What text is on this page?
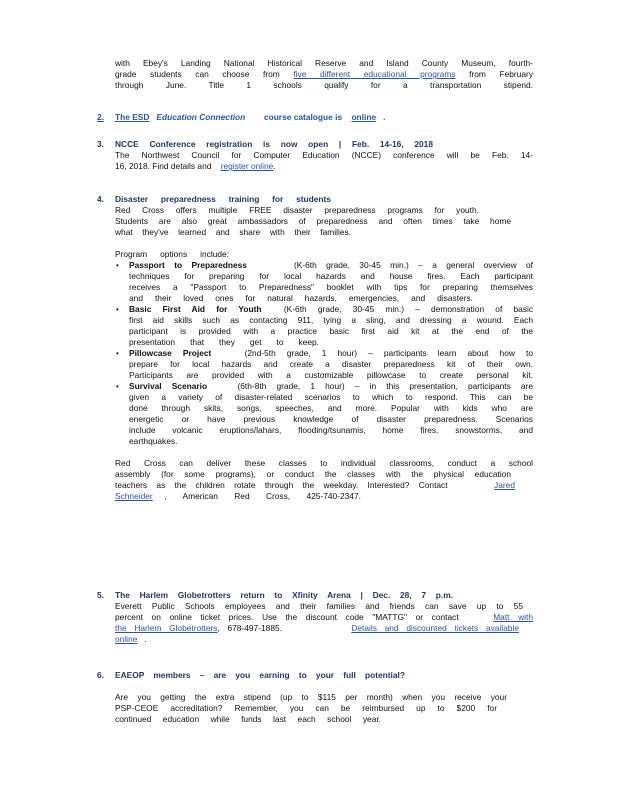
with Ebey's Landing National Historical Reserve and Island County Museum, fourth-
grade students can choose from five different educational programs from February
through June. Title 1 schools qualify for a transportation stipend.
2. The ESD Education Connection course catalogue is online .
3. NCCE Conference registration is now open | Feb. 14-16, 2018
The Northwest Council for Computer Education (NCCE) conference will be Feb. 14-
16, 2018. Find details and register online.
4. Disaster preparedness training for students
Red Cross offers multiple FREE disaster preparedness programs for youth.
Students are also great ambassadors of preparedness and often times take home
what they've learned and share with their families.
Program options include:
• Passport to Preparedness	(K-6th grade, 30-45 min.) – a general overview of
techniques for preparing for local hazards and house fires. Each participant
receives a "Passport to Preparedness" booklet with tips for preparing themselves
and their loved ones for natural hazards, emergencies, and disasters.
• Basic First Aid for Youth	(K-6th grade, 30-45 min.) – demonstration of basic
first aid skills such as contacting 911, tying a sling, and dressing a wound. Each
participant is provided with a practice basic first aid kit at the end of the
presentation that they get to keep.
• Pillowcase Project	(2nd-5th grade, 1 hour) – participants learn about how to
prepare for local hazards and create a disaster preparedness kit of their own.
Participants are provided with a customizable pillowcase to create personal kit.
• Survival Scenario	(6th-8th grade, 1 hour) – in this presentation, participants are
given a variety of disaster-related scenarios to which to respond. This can be
done through skits, songs, speeches, and more. Popular with kids who are
energetic or have previous knowledge of disaster preparedness. Scenarios
include volcanic eruptions/lahars, flooding/tsunamis, home fires, snowstorms, and
earthquakes.
Red Cross can deliver these classes to individual classrooms, conduct a school
assembly (for some programs), or conduct the classes with the physical education
teachers as the children rotate through the weekday. Interested? Contact	Jared
Schneider , American Red Cross, 425-740-2347.
5. The Harlem Globetrotters return to Xfinity Arena | Dec. 28, 7 p.m.
Everett Public Schools employees and their families and friends can save up to 55
percent on online ticket prices. Use the discount code "MATTG" or contact	Matt with
the Harlem Globetrotters, 678-497-1885.	Details and discounted tickets available
online .
6. EAEOP members – are you earning to your full potential?
Are you getting the extra stipend (up to $115 per month) when you receive your
PSP-CEOE accreditation? Remember, you can be reimbursed up to $200 for
continued education while funds last each school year.
